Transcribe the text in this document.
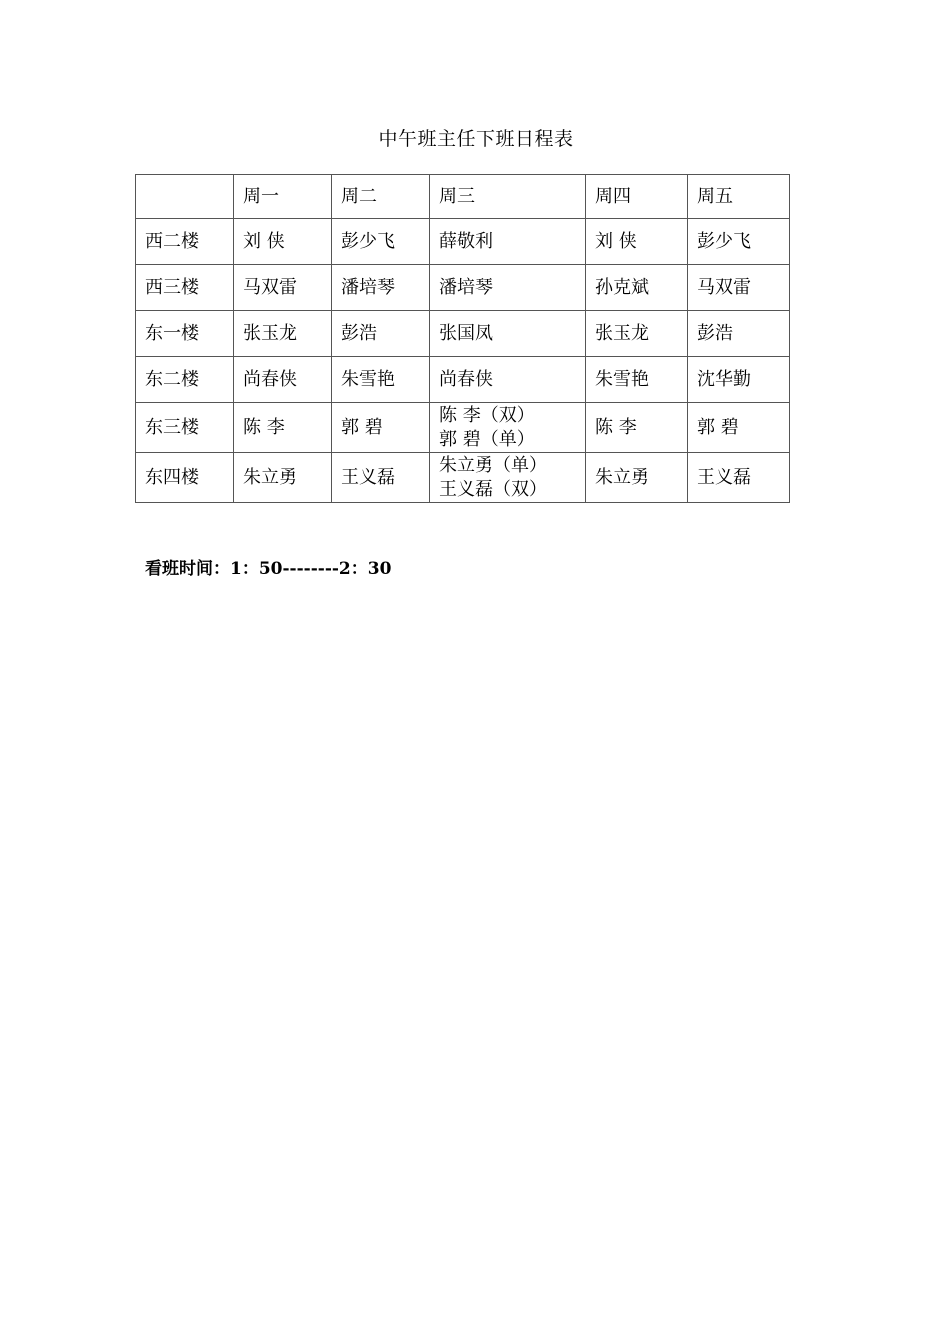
中午班主任下班日程表
	周一	周二	周三	周四	周五
西二楼	刘 侠	彭少飞	薛敬利	刘 侠	彭少飞

西三楼	马双雷	潘培琴	潘培琴	孙克斌	马双雷

东一楼	张玉龙	彭浩	张国凤	张玉龙	彭浩

东二楼	尚春侠	朱雪艳	尚春侠	朱雪艳	沈华勤

东三楼	陈 李	郭 碧	陈 李（双）
郭 碧（单）	陈 李	郭 碧

东四楼	朱立勇	王义磊	朱立勇（单）
王义磊（双）	朱立勇	王义磊
看班时间：1：50--------2：30
